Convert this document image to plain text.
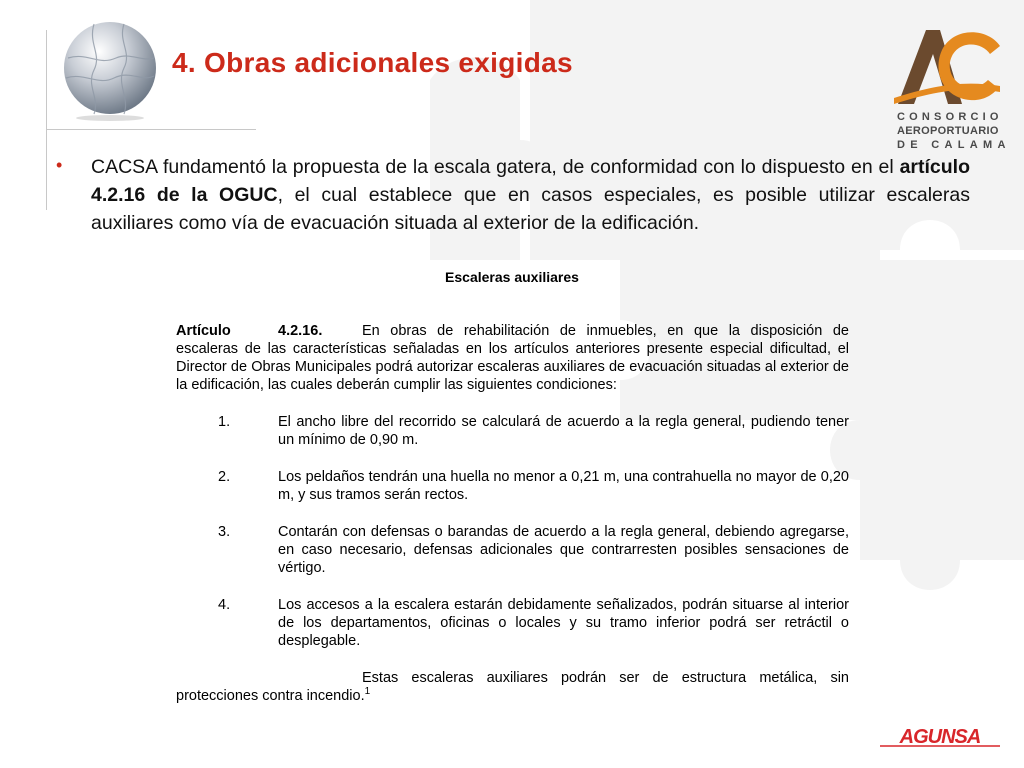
4. Obras adicionales exigidas
CONSORCIO
AEROPORTUARIO
DE CALAMA
• CACSA fundamentó la propuesta de la escala gatera, de conformidad con lo dispuesto en el artículo 4.2.16 de la OGUC, el cual establece que en casos especiales, es posible utilizar escaleras auxiliares como vía de evacuación situada al exterior de la edificación.
Escaleras auxiliares
Artículo	4.2.16.	En obras de rehabilitación de inmuebles, en que la disposición de escaleras de las características señaladas en los artículos anteriores presente especial dificultad, el Director de Obras Municipales podrá autorizar escaleras auxiliares de evacuación situadas al exterior de la edificación, las cuales deberán cumplir las siguientes condiciones:
1.	El ancho libre del recorrido se calculará de acuerdo a la regla general, pudiendo tener un mínimo de 0,90 m.
2.	Los peldaños tendrán una huella no menor a 0,21 m, una contrahuella no mayor de 0,20 m, y sus tramos serán rectos.
3.	Contarán con defensas o barandas de acuerdo a la regla general, debiendo agregarse, en caso necesario, defensas adicionales que contrarresten posibles sensaciones de vértigo.
4.	Los accesos a la escalera estarán debidamente señalizados, podrán situarse al interior de los departamentos, oficinas o locales y su tramo inferior podrá ser retráctil o desplegable.
Estas escaleras auxiliares podrán ser de estructura metálica, sin protecciones contra incendio.$^1$
AGUNSA
